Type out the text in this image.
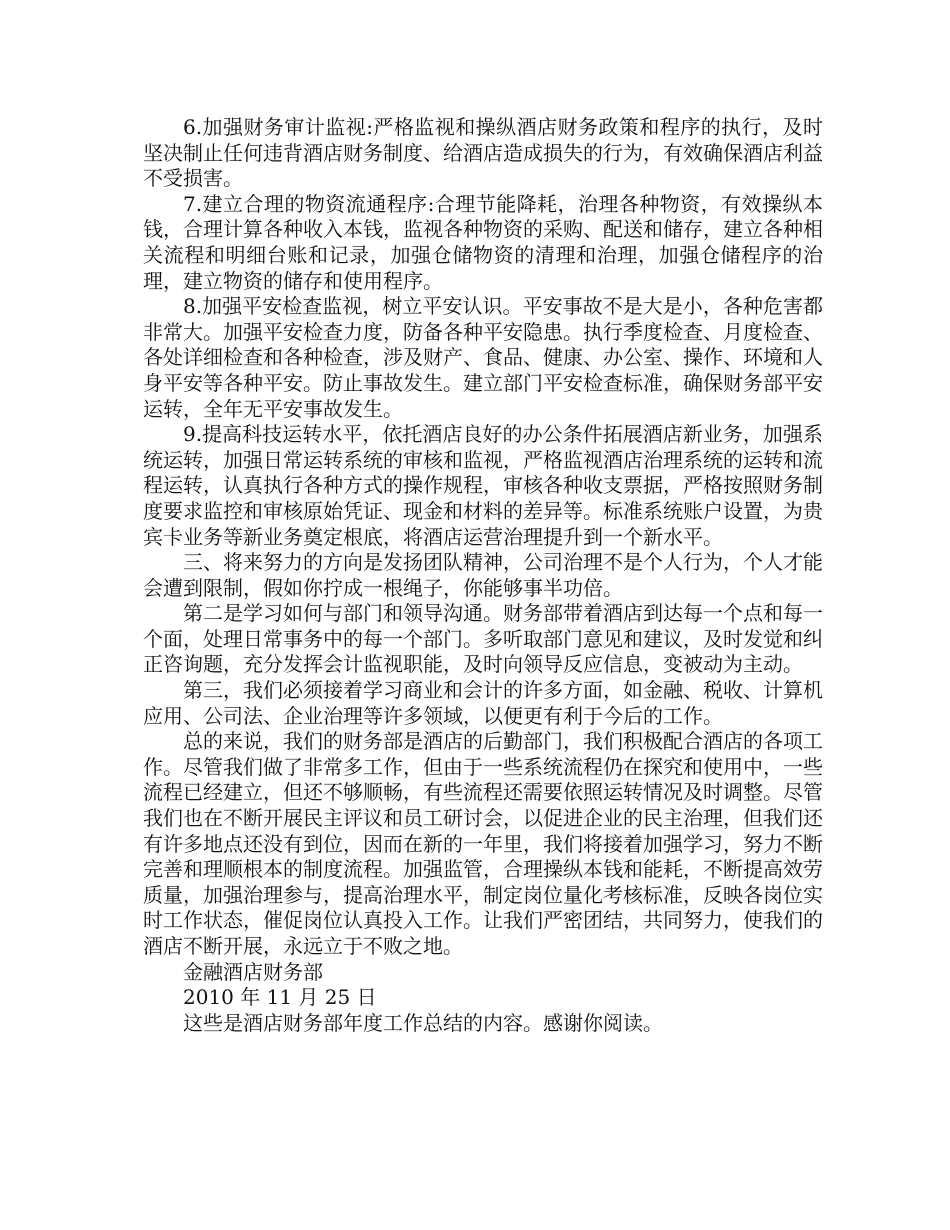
6.加强财务审计监视:严格监视和操纵酒店财务政策和程序的执行，及时坚决制止任何违背酒店财务制度、给酒店造成损失的行为，有效确保酒店利益不受损害。

7.建立合理的物资流通程序:合理节能降耗，治理各种物资，有效操纵本钱，合理计算各种收入本钱，监视各种物资的采购、配送和储存，建立各种相关流程和明细台账和记录，加强仓储物资的清理和治理，加强仓储程序的治理，建立物资的储存和使用程序。

8.加强平安检查监视，树立平安认识。平安事故不是大是小，各种危害都非常大。加强平安检查力度，防备各种平安隐患。执行季度检查、月度检查、各处详细检查和各种检查，涉及财产、食品、健康、办公室、操作、环境和人身平安等各种平安。防止事故发生。建立部门平安检查标准，确保财务部平安运转，全年无平安事故发生。

9.提高科技运转水平，依托酒店良好的办公条件拓展酒店新业务，加强系统运转，加强日常运转系统的审核和监视，严格监视酒店治理系统的运转和流程运转，认真执行各种方式的操作规程，审核各种收支票据，严格按照财务制度要求监控和审核原始凭证、现金和材料的差异等。标准系统账户设置，为贵宾卡业务等新业务奠定根底，将酒店运营治理提升到一个新水平。

三、将来努力的方向是发扬团队精神，公司治理不是个人行为，个人才能会遭到限制，假如你拧成一根绳子，你能够事半功倍。

第二是学习如何与部门和领导沟通。财务部带着酒店到达每一个点和每一个面，处理日常事务中的每一个部门。多听取部门意见和建议，及时发觉和纠正咨询题，充分发挥会计监视职能，及时向领导反应信息，变被动为主动。

第三，我们必须接着学习商业和会计的许多方面，如金融、税收、计算机应用、公司法、企业治理等许多领域，以便更有利于今后的工作。

总的来说，我们的财务部是酒店的后勤部门，我们积极配合酒店的各项工作。尽管我们做了非常多工作，但由于一些系统流程仍在探究和使用中，一些流程已经建立，但还不够顺畅，有些流程还需要依照运转情况及时调整。尽管我们也在不断开展民主评议和员工研讨会，以促进企业的民主治理，但我们还有许多地点还没有到位，因而在新的一年里，我们将接着加强学习，努力不断完善和理顺根本的制度流程。加强监管，合理操纵本钱和能耗，不断提高效劳质量，加强治理参与，提高治理水平，制定岗位量化考核标准，反映各岗位实时工作状态，催促岗位认真投入工作。让我们严密团结，共同努力，使我们的酒店不断开展，永远立于不败之地。

金融酒店财务部

2010 年 11 月 25 日

这些是酒店财务部年度工作总结的内容。感谢你阅读。
